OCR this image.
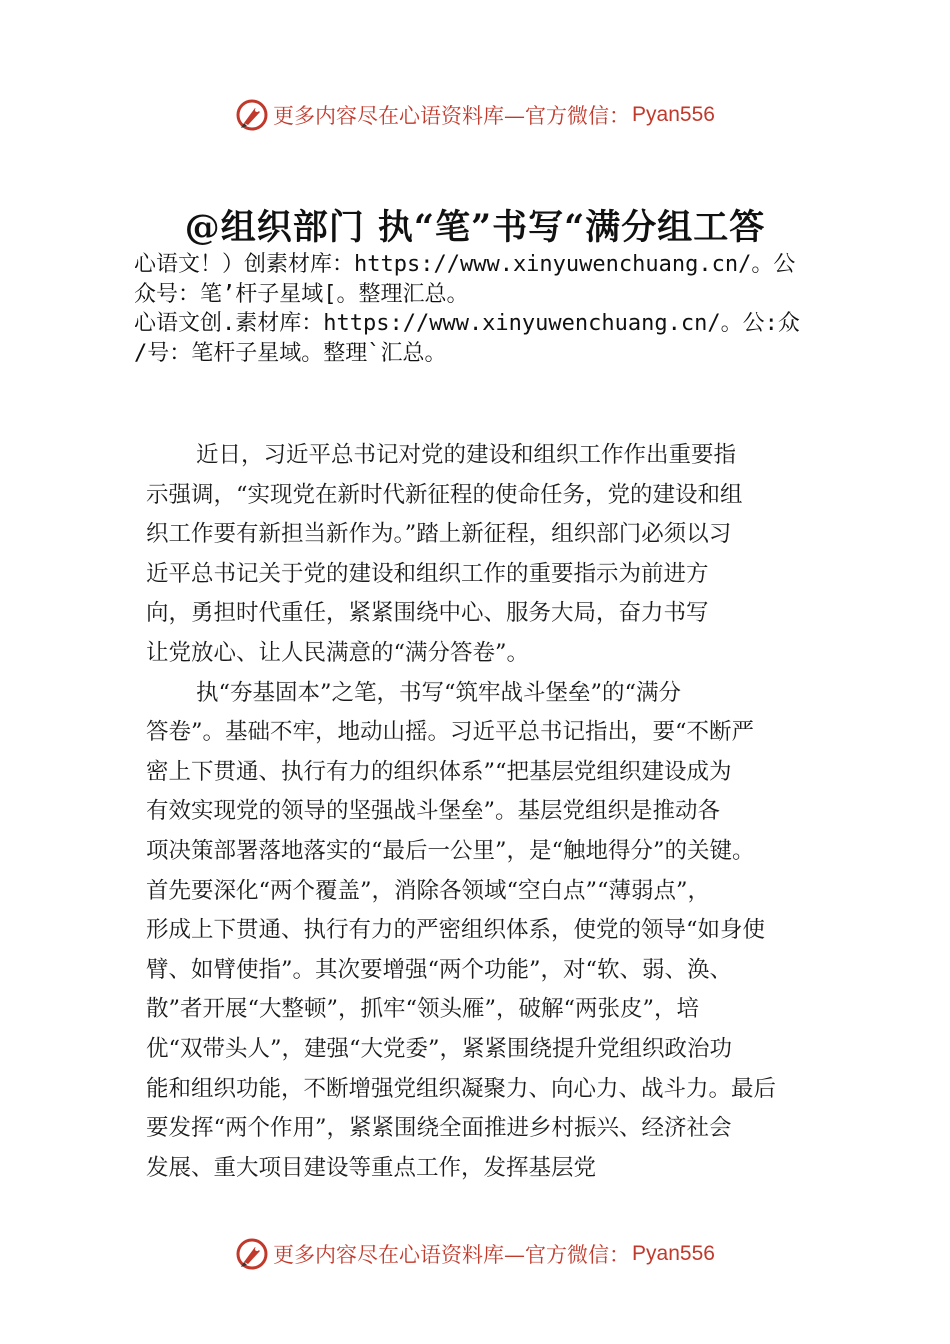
更多内容尽在心语资料库—官方微信： Pyan556
@组织部门 执“笔”书写“满分组工答
心语文！）创素材库：https://www.xinyuwenchuang.cn/。公
众号：笔’杆子星域[。整理汇总。
心语文创.素材库：https://www.xinyuwenchuang.cn/。公:众
/号：笔杆子星域。整理`汇总。
近日，习近平总书记对党的建设和组织工作作出重要指
示强调，“实现党在新时代新征程的使命任务，党的建设和组
织工作要有新担当新作为。”踏上新征程，组织部门必须以习
近平总书记关于党的建设和组织工作的重要指示为前进方
向，勇担时代重任，紧紧围绕中心、服务大局，奋力书写
让党放心、让人民满意的“满分答卷”。
执“夯基固本”之笔，书写“筑牢战斗堡垒”的“满分
答卷”。基础不牢，地动山摇。习近平总书记指出，要“不断严
密上下贯通、执行有力的组织体系”“把基层党组织建设成为
有效实现党的领导的坚强战斗堡垒”。基层党组织是推动各
项决策部署落地落实的“最后一公里”，是“触地得分”的关键。
首先要深化“两个覆盖”，消除各领域“空白点”“薄弱点”，
形成上下贯通、执行有力的严密组织体系，使党的领导“如身使
臂、如臂使指”。其次要增强“两个功能”，对“软、弱、涣、
散”者开展“大整顿”，抓牢“领头雁”，破解“两张皮”，培
优“双带头人”，建强“大党委”，紧紧围绕提升党组织政治功
能和组织功能，不断增强党组织凝聚力、向心力、战斗力。最后
要发挥“两个作用”，紧紧围绕全面推进乡村振兴、经济社会
发展、重大项目建设等重点工作，发挥基层党
更多内容尽在心语资料库—官方微信： Pyan556
